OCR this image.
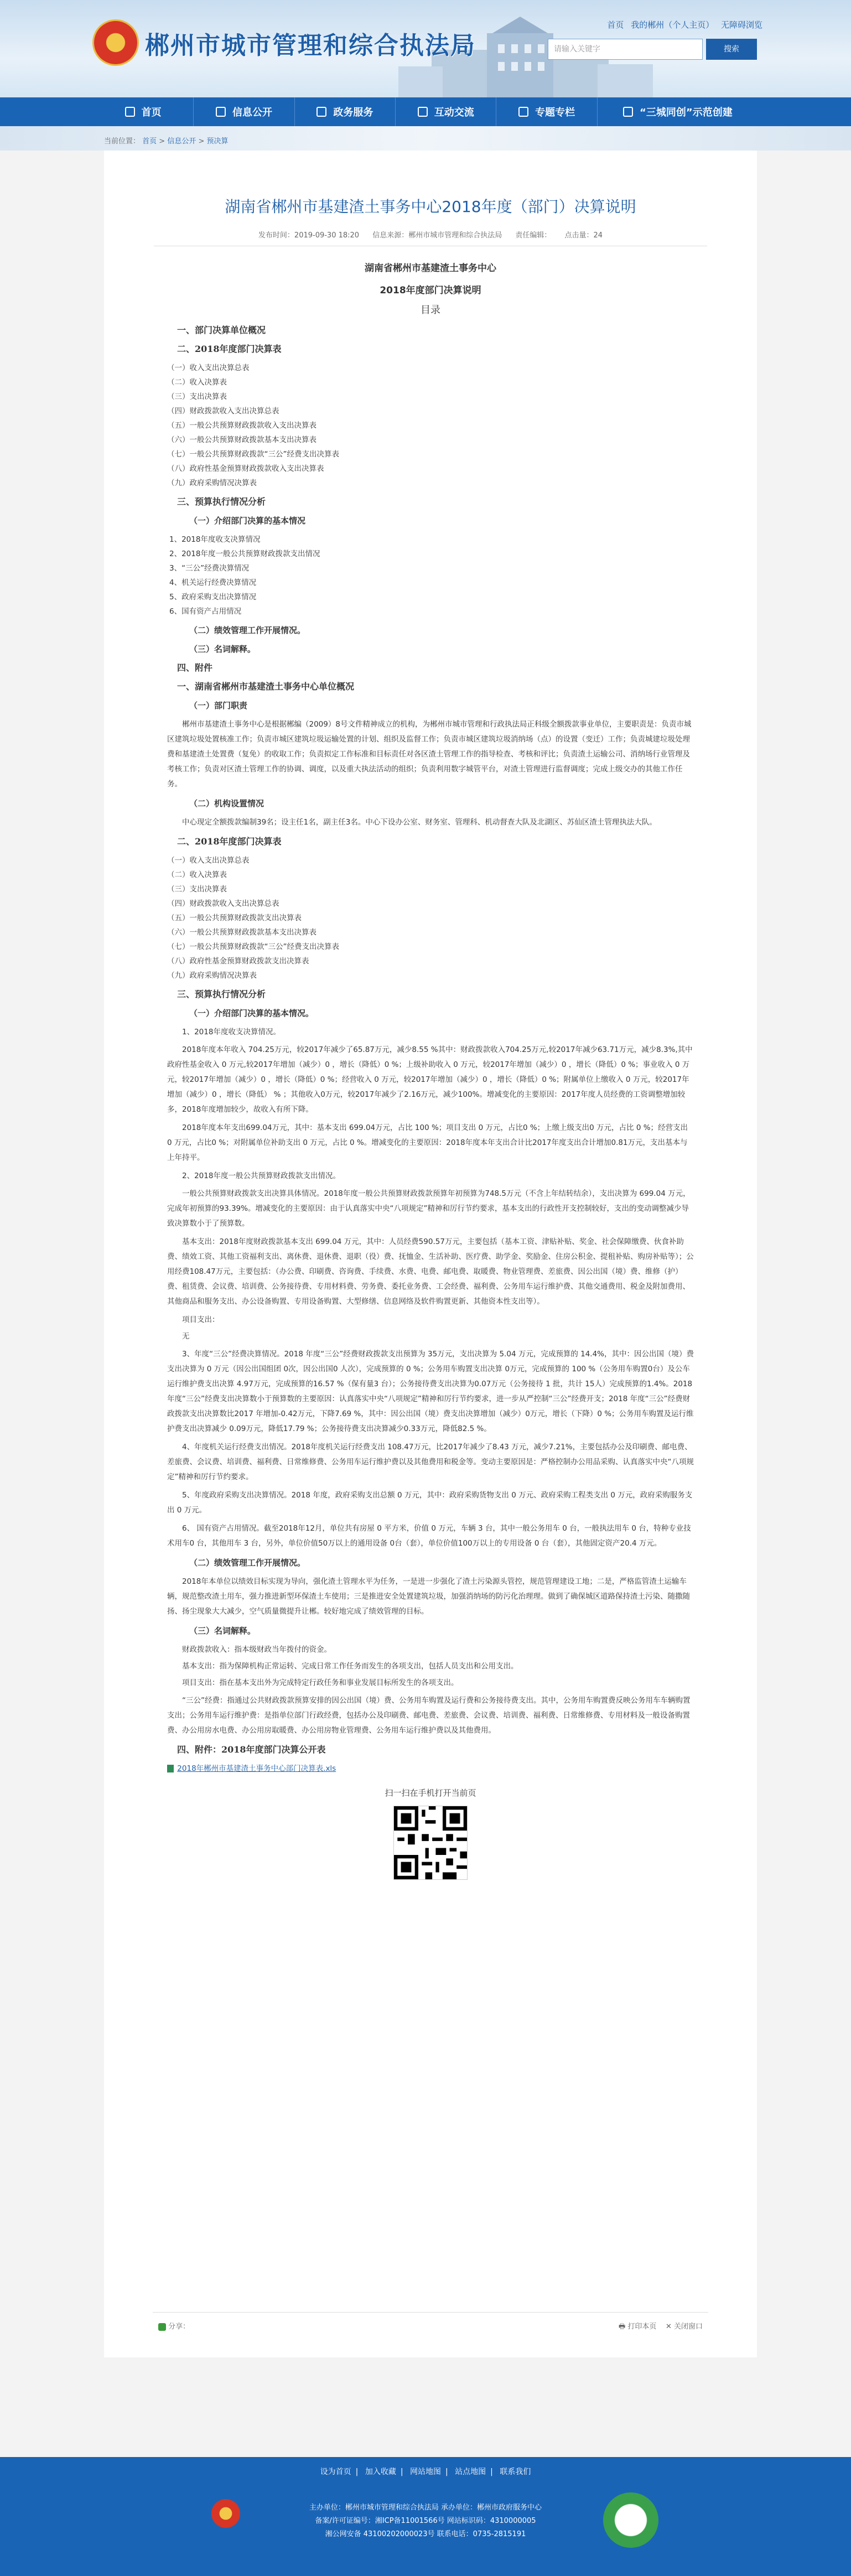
郴州市城市管理和综合执法局
首页 我的郴州（个人主页） 无障碍浏览
请输入关键字	搜索
首页	信息公开	政务服务	互动交流	专题专栏	“三城同创”示范创建
当前位置： 首页 > 信息公开 > 预决算
湖南省郴州市基建渣土事务中心2018年度（部门）决算说明
发布时间：2019-09-30 18:20 信息来源：郴州市城市管理和综合执法局 责任编辑： 点击量：24
湖南省郴州市基建渣土事务中心
2018年度部门决算说明
目录
一、部门决算单位概况
二、2018年度部门决算表
（一）收入支出决算总表
（二）收入决算表
（三）支出决算表
（四）财政拨款收入支出决算总表
（五）一般公共预算财政拨款收入支出决算表
（六）一般公共预算财政拨款基本支出决算表
（七）一般公共预算财政拨款“三公”经费支出决算表
（八）政府性基金预算财政拨款收入支出决算表
（九）政府采购情况决算表
三、预算执行情况分析
（一）介绍部门决算的基本情况
1、2018年度收支决算情况
2、2018年度一般公共预算财政拨款支出情况
3、“三公”经费决算情况
4、机关运行经费决算情况
5、政府采购支出决算情况
6、国有资产占用情况
（二）绩效管理工作开展情况。
（三）名词解释。
四、附件
一、湖南省郴州市基建渣土事务中心单位概况
（一）部门职责

郴州市基建渣土事务中心是根据郴编（2009）8号文件精神成立的机构，为郴州市城市管理和行政执法局正科级全额拨款事业单位，主要职责是：负责市城区建筑垃圾处置核准工作；负责市城区建筑垃圾运输处置的计划、组织及监督工作；负责市城区建筑垃圾消纳场（点）的设置（变迁）工作；负责城建垃圾处理费和基建渣土处置费（复免）的收取工作；负责拟定工作标准和目标责任对各区渣土管理工作的指导检查、考核和评比；负责渣土运输公司、消纳场行业管理及考核工作；负责对区渣土管理工作的协调、调度，以及重大执法活动的组织；负责利用数字城管平台，对渣土管理进行监督调度；完成上级交办的其他工作任务。

（二）机构设置情况

中心现定全额拨款编制39名；设主任1名，副主任3名。中心下设办公室、财务室、管理科、机动督查大队及北湖区、苏仙区渣土管理执法大队。

二、2018年度部门决算表
（一）收入支出决算总表
（二）收入决算表
（三）支出决算表
（四）财政拨款收入支出决算总表
（五）一般公共预算财政拨款支出决算表
（六）一般公共预算财政拨款基本支出决算表
（七）一般公共预算财政拨款“三公”经费支出决算表
（八）政府性基金预算财政拨款支出决算表
（九）政府采购情况决算表
三、预算执行情况分析
（一）介绍部门决算的基本情况。
1、2018年度收支决算情况。

2018年度本年收入 704.25万元，较2017年减少了65.87万元，减少8.55 %其中：财政拨款收入704.25万元,较2017年减少63.71万元，减少8.3%,其中政府性基金收入 0 万元,较2017年增加（减少）0 ，增长（降低）0 %；上级补助收入 0 万元，较2017年增加（减少）0 ，增长（降低）0 %；事业收入 0 万元，较2017年增加（减少）0 ，增长（降低）0 %；经营收入 0 万元，较2017年增加（减少）0 ，增长（降低）0 %；附属单位上缴收入 0 万元，较2017年增加（减少）0 ，增长（降低） % ；其他收入0万元，较2017年减少了2.16万元，减少100%。增减变化的主要原因：2017年度人员经费的工资调整增加较多，2018年度增加较少，故收入有所下降。

2018年度本年支出699.04万元，其中：基本支出 699.04万元，占比 100 %；项目支出 0 万元，占比0 %；上缴上级支出0 万元，占比 0 %；经营支出 0 万元，占比0 %；对附属单位补助支出 0 万元，占比 0 %。增减变化的主要原因：2018年度本年支出合计比2017年度支出合计增加0.81万元，支出基本与上年持平。

2、2018年度一般公共预算财政拨款支出情况。

一般公共预算财政拨款支出决算具体情况。2018年度一般公共预算财政拨款预算年初预算为748.5万元（不含上年结转结余），支出决算为 699.04 万元，完成年初预算的93.39%。增减变化的主要原因：由于认真落实中央“八项规定”精神和厉行节约要求，基本支出的行政性开支控制较好，支出的变动调整减少导致决算数小于了预算数。

基本支出：2018年度财政拨款基本支出 699.04 万元，其中：人员经费590.57万元，主要包括（基本工资、津贴补贴、奖金、社会保障缴费、伙食补助费、绩效工资、其他工资福利支出、离休费、退休费、退职（役）费、抚恤金、生活补助、医疗费、助学金、奖励金、住房公积金、提租补贴、购房补贴等）；公用经费108.47万元，主要包括：（办公费、印刷费、咨询费、手续费、水费、电费、邮电费、取暖费、物业管理费、差旅费、因公出国（境）费、维修（护）费、租赁费、会议费、培训费、公务接待费、专用材料费、劳务费、委托业务费、工会经费、福利费、公务用车运行维护费、其他交通费用、税金及附加费用、其他商品和服务支出、办公设备购置、专用设备购置、大型修缮、信息网络及软件购置更新、其他资本性支出等）。

项目支出：
无

3、年度“三公”经费决算情况。2018 年度“三公”经费财政拨款支出预算为 35万元，支出决算为 5.04 万元，完成预算的 14.4%，其中：因公出国（境）费支出决算为 0 万元（因公出国组团 0次，因公出国0 人次），完成预算的 0 %；公务用车购置支出决算 0万元，完成预算的 100 %（公务用车购置0台）及公车运行维护费支出决算 4.97万元，完成预算的16.57 %（保有量3 台）；公务接待费支出决算为0.07万元（公务接待 1 批，共计 15人）完成预算的1.4%。2018 年度“三公”经费支出决算数小于预算数的主要原因：认真落实中央“八项规定”精神和厉行节约要求，进一步从严控制“三公”经费开支；2018 年度“三公”经费财政拨款支出决算数比2017 年增加-0.42万元，下降7.69 %，其中：因公出国（境）费支出决算增加（减少）0万元，增长（下降）0 %；公务用车购置及运行维护费支出决算减少 0.09万元，降低17.79 %；公务接待费支出决算减少0.33万元，降低82.5 %。

4、年度机关运行经费支出情况。2018年度机关运行经费支出 108.47万元，比2017年减少了8.43 万元，减少7.21%，主要包括办公及印刷费、邮电费、差旅费、会议费、培训费、福利费、日常维修费、公务用车运行维护费以及其他费用和税金等。变动主要原因是：严格控制办公用品采购、认真落实中央“八项规定”精神和厉行节约要求。

5、年度政府采购支出决算情况。2018 年度，政府采购支出总额 0 万元，其中：政府采购货物支出 0 万元、政府采购工程类支出 0 万元，政府采购服务支出 0 万元。

6、 国有资产占用情况。截至2018年12月，单位共有房屋 0 平方米，价值 0 万元，车辆 3 台，其中一般公务用车 0 台，一般执法用车 0 台，特种专业技术用车0 台，其他用车 3 台，另外，单位价值50万以上的通用设备 0台（套），单位价值100万以上的专用设备 0 台（套），其他固定资产20.4 万元。

（二）绩效管理工作开展情况。

2018年本单位以绩效目标实现为导向，强化渣土管理水平为任务，一是进一步强化了渣土污染源头管控，规范管理建设工地；二是，严格监管渣土运输车辆，规范整改渣土用车，强力推进新型环保渣土车使用；三是推进安全处置建筑垃圾，加强消纳场的防污化治理理。做到了确保城区道路保持渣土污染、随撒随扬、扬尘现象大大减少，空气质量微提升让郴。较好地完成了绩效管理的目标。

（三）名词解释。
财政拨款收入：指本级财政当年拨付的资金。
基本支出：指为保障机构正常运转、完成日常工作任务而发生的各项支出，包括人员支出和公用支出。
项目支出：指在基本支出外为完成特定行政任务和事业发展目标所发生的各项支出。

“三公”经费：指通过公共财政拨款预算安排的因公出国（境）费、公务用车购置及运行费和公务接待费支出。其中，公务用车购置费反映公务用车车辆购置支出；公务用车运行维护费：是指单位部门行政经费，包括办公及印刷费、邮电费、差旅费、会议费、培训费、福利费、日常维修费、专用材料及一般设备购置费、办公用房水电费、办公用房取暖费、办公用房物业管理费、公务用车运行维护费以及其他费用。

四、附件：2018年度部门决算公开表
2018年郴州市基建渣土事务中心部门决算表.xls
扫一扫在手机打开当前页
分享：	🖶 打印本页 ✕ 关闭窗口
设为首页 | 加入收藏 | 网站地图 | 站点地图 | 联系我们
主办单位：郴州市城市管理和综合执法局 承办单位：郴州市政府服务中心
备案/许可证编号：湘ICP备11001566号 网站标识码：4310000005
湘公网安备 43100202000023号 联系电话：0735-2815191
